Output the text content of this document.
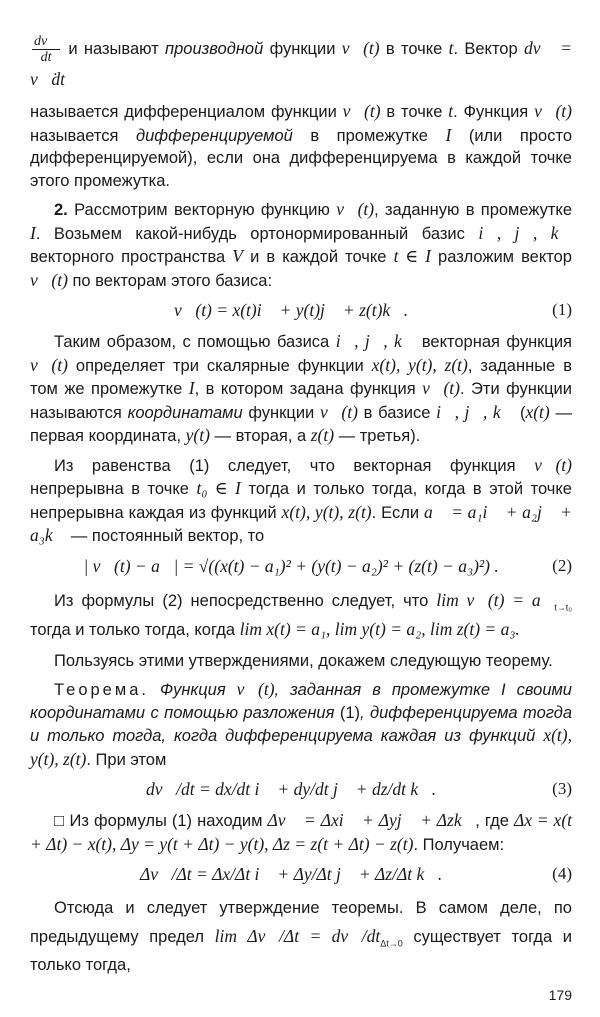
$\frac{dv⃗}{dt}$ и называют производной функции v⃗(t) в точке t. Вектор dv⃗ = v⃗̇dt
называется дифференциалом функции v⃗(t) в точке t. Функция v⃗(t) называется дифференцируемой в промежутке I (или просто дифференцируемой), если она дифференцируема в каждой точке этого промежутка.
2. Рассмотрим векторную функцию v⃗(t), заданную в промежутке I. Возьмем какой-нибудь ортонормированный базис i⃗, j⃗, k⃗ векторного пространства V и в каждой точке t ∈ I разложим вектор v⃗(t) по векторам этого базиса:
v⃗(t) = x(t)i⃗ + y(t)j⃗ + z(t)k⃗.	(1)
Таким образом, с помощью базиса i⃗, j⃗, k⃗ векторная функция v⃗(t) определяет три скалярные функции x(t), y(t), z(t), заданные в том же промежутке I, в котором задана функция v⃗(t). Эти функции называются координатами функции v⃗(t) в базисе i⃗, j⃗, k⃗ (x(t) — первая координата, y(t) — вторая, а z(t) — третья).
Из равенства (1) следует, что векторная функция v⃗(t) непрерывна в точке t₀ ∈ I тогда и только тогда, когда в этой точке непрерывна каждая из функций x(t), y(t), z(t). Если a⃗ = a₁i⃗ + a₂j⃗ + a₃k⃗ — постоянный вектор, то
| v⃗(t) − a⃗| = √((x(t) − a₁)² + (y(t) − a₂)² + (z(t) − a₃)²) .	(2)
Из формулы (2) непосредственно следует, что lim v⃗(t) = $a⃗_{t\to t_0}$ тогда и только тогда, когда lim x(t) = a₁, lim y(t) = a₂, lim z(t) = a₃.
Пользуясь этими утверждениями, докажем следующую теорему.
Теорема. Функция v⃗(t), заданная в промежутке I своими координатами с помощью разложения (1), дифференцируема тогда и только тогда, когда дифференцируема каждая из функций x(t), y(t), z(t). При этом
dv⃗/dt = dx/dt i⃗ + dy/dt j⃗ + dz/dt k⃗.	(3)
□ Из формулы (1) находим Δv⃗ = Δxi⃗ + Δyj⃗ + Δzk⃗, где Δx = x(t + Δt) − x(t), Δy = y(t + Δt) − y(t), Δz = z(t + Δt) − z(t). Получаем:
Δv⃗/Δt = Δx/Δt i⃗ + Δy/Δt j⃗ + Δz/Δt k⃗.	(4)
Отсюда и следует утверждение теоремы. В самом деле, по предыдущему предел lim Δv⃗/Δt = $dv⃗/dt_{\Delta t\to 0}$ существует тогда и только тогда,
179
